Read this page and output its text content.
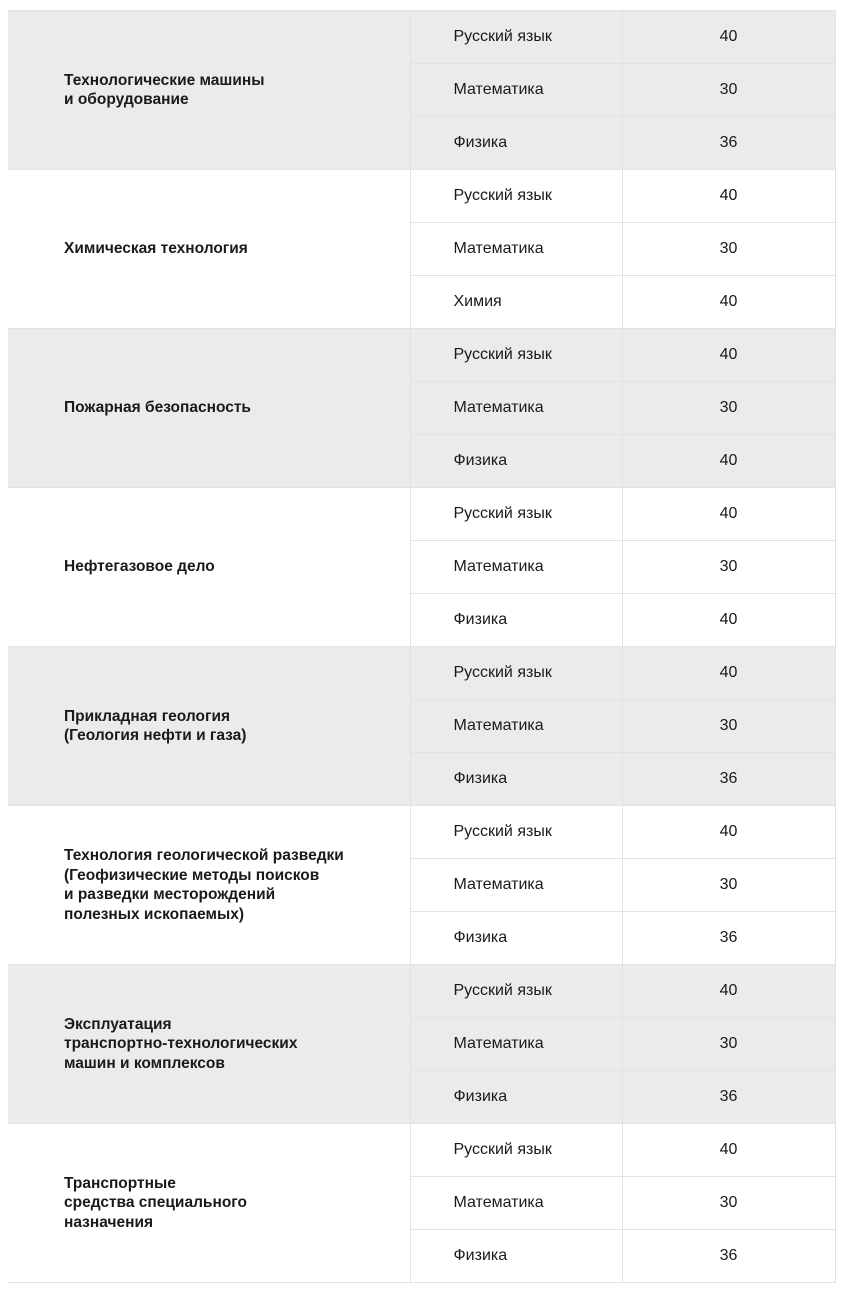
Технологические машины
и оборудование	Русский язык	40
	Математика	30
	Физика	36
Химическая технология	Русский язык	40
	Математика	30
	Химия	40
Пожарная безопасность	Русский язык	40
	Математика	30
	Физика	40
Нефтегазовое дело	Русский язык	40
	Математика	30
	Физика	40
Прикладная геология
(Геология нефти и газа)	Русский язык	40
	Математика	30
	Физика	36
Технология геологической разведки
(Геофизические методы поисков
и разведки месторождений
полезных ископаемых)	Русский язык	40
	Математика	30
	Физика	36
Эксплуатация
транспортно-технологических
машин и комплексов	Русский язык	40
	Математика	30
	Физика	36
Транспортные
средства специального
назначения	Русский язык	40
	Математика	30
	Физика	36
